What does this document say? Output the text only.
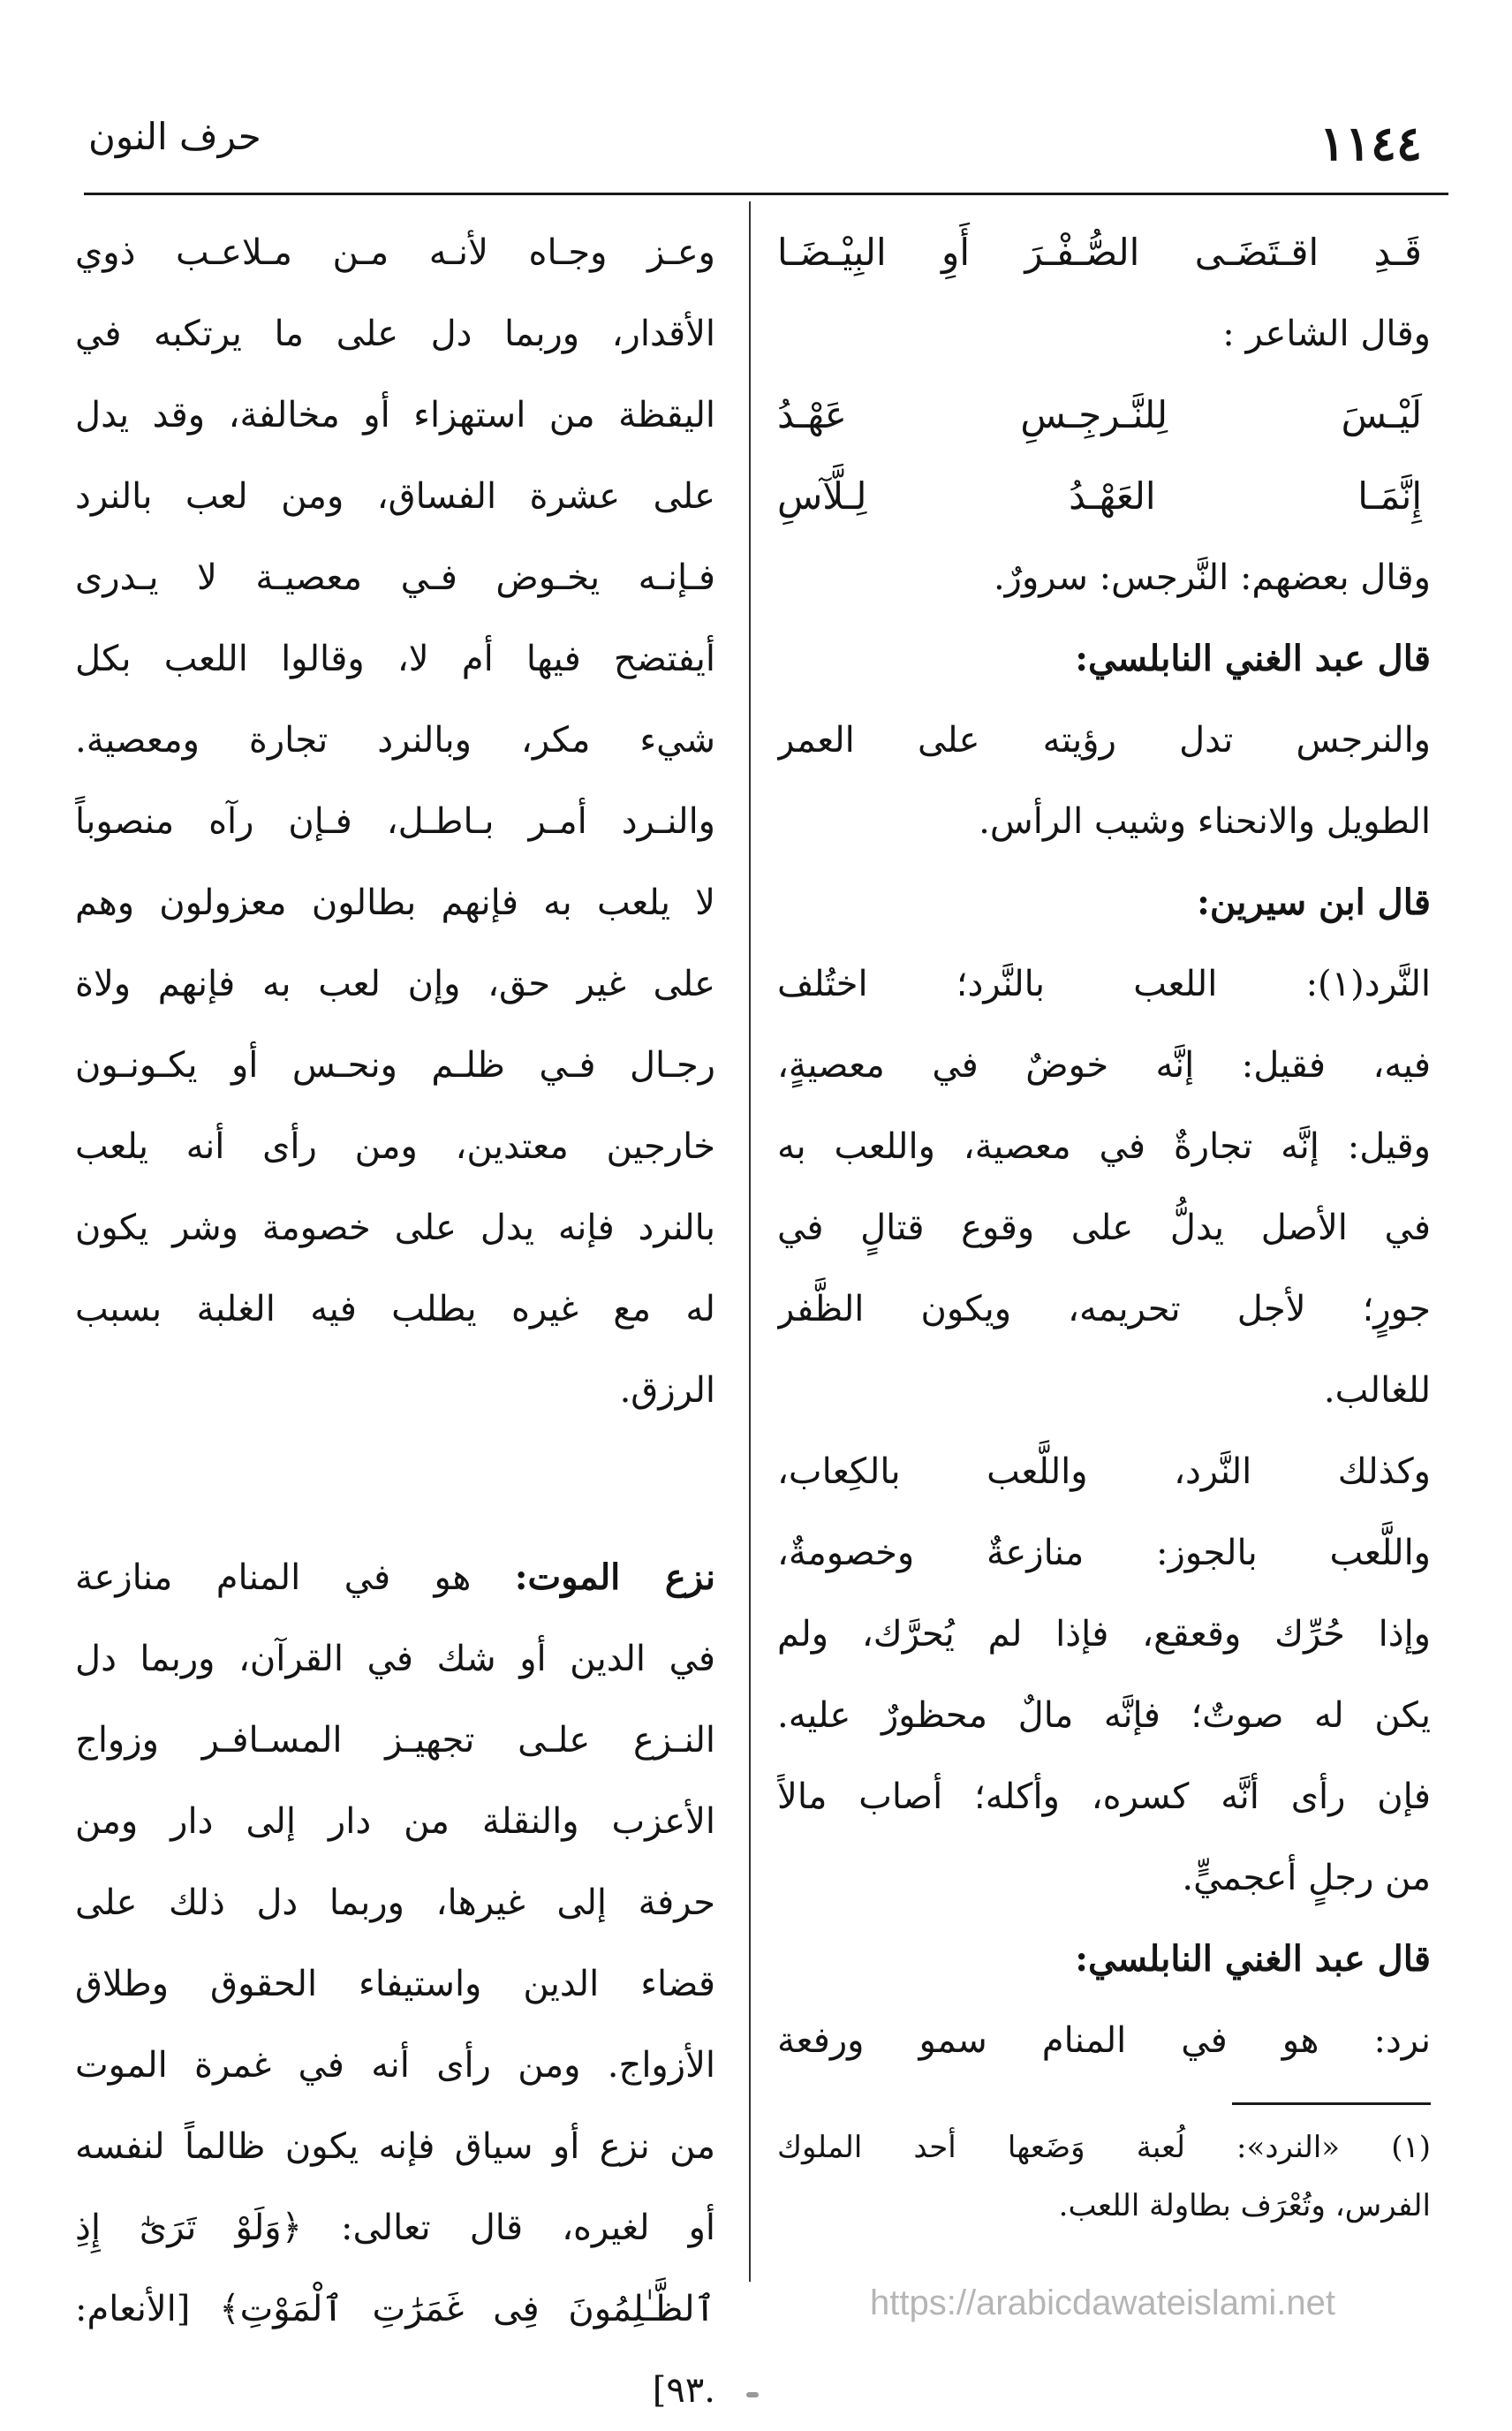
١١٤٤
حرف النون
قَـدِ اقـتَضَـى الصُّـفْـرَ أَوِ البِيْـضَـا
وقال الشاعر :
لَيْـسَ لِلنَّـرجِـسِ عَهْـدُ
إِنَّمَـا العَهْـدُ لِـلَّآسِ
وقال بعضهم: النَّرجس: سرورٌ.
قال عبد الغني النابلسي:
والنرجس تدل رؤيته على العمر
الطويل والانحناء وشيب الرأس.
قال ابن سيرين:
النَّرد(١): اللعب بالنَّرد؛ اختُلف
فيه، فقيل: إنَّه خوضٌ في معصيةٍ،
وقيل: إنَّه تجارةٌ في معصية، واللعب به
في الأصل يدلُّ على وقوع قتالٍ في
جورٍ؛ لأجل تحريمه، ويكون الظَّفر
للغالب.
وكذلك النَّرد، واللَّعب بالكِعاب،
واللَّعب بالجوز: منازعةٌ وخصومةٌ،
وإذا حُرِّك وقعقع، فإذا لم يُحرَّك، ولم
يكن له صوتٌ؛ فإنَّه مالٌ محظورٌ عليه.
فإن رأى أنَّه كسره، وأكله؛ أصاب مالاً
من رجلٍ أعجميٍّ.
قال عبد الغني النابلسي:
نرد: هو في المنام سمو ورفعة
وعـز وجـاه لأنـه مـن مـلاعـب ذوي
الأقدار، وربما دل على ما يرتكبه في
اليقظة من استهزاء أو مخالفة، وقد يدل
على عشرة الفساق، ومن لعب بالنرد
فـإنـه يخـوض فـي معصيـة لا يـدرى
أيفتضح فيها أم لا، وقالوا اللعب بكل
شيء مكر، وبالنرد تجارة ومعصية.
والنـرد أمـر بـاطـل، فـإن رآه منصوباً
لا يلعب به فإنهم بطالون معزولون وهم
على غير حق، وإن لعب به فإنهم ولاة
رجـال فـي ظلـم ونحـس أو يكـونـون
خارجين معتدين، ومن رأى أنه يلعب
بالنرد فإنه يدل على خصومة وشر يكون
له مع غيره يطلب فيه الغلبة بسبب
الرزق.
نزع الموت: هو في المنام منازعة
في الدين أو شك في القرآن، وربما دل
النـزع علـى تجهيـز المسـافـر وزواج
الأعزب والنقلة من دار إلى دار ومن
حرفة إلى غيرها، وربما دل ذلك على
قضاء الدين واستيفاء الحقوق وطلاق
الأزواج. ومن رأى أنه في غمرة الموت
من نزع أو سياق فإنه يكون ظالماً لنفسه
أو لغيره، قال تعالى: ﴿وَلَوْ تَرَىٰٓ إِذِ
ٱلظَّـٰلِمُونَ فِى غَمَرَٰتِ ٱلْمَوْتِ﴾ [الأنعام:
.٩٣]
(١) «النرد»: لُعبة وَضَعها أحد الملوك
الفرس، وتُعْرَف بطاولة اللعب.
https://arabicdawateislami.net
